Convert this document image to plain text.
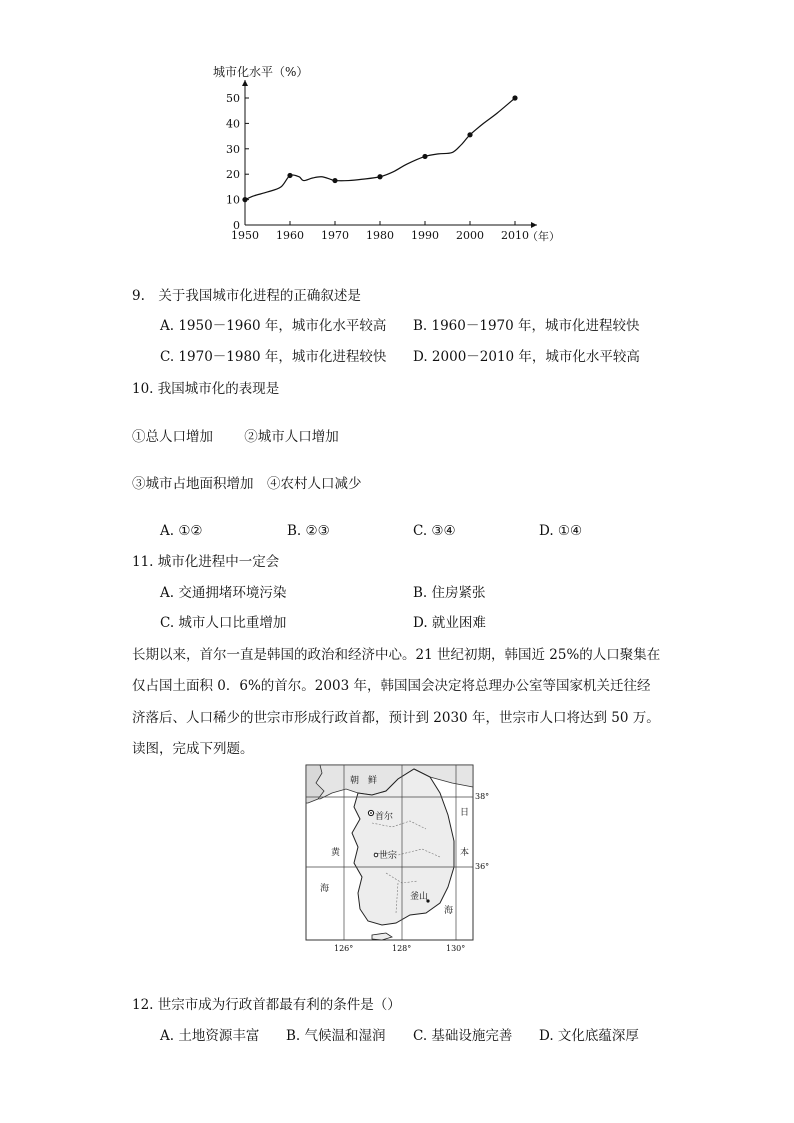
城市化水平（%）
1950 1960 1970 1980 1990 2000 2010
0
10
20
30
40
50
（年）
9.　关于我国城市化进程的正确叙述是
A. 1950－1960 年，城市化水平较高 B. 1960－1970 年，城市化进程较快
C. 1970－1980 年，城市化进程较快 D. 2000－2010 年，城市化水平较高
10. 我国城市化的表现是
①总人口增加　　 ②城市人口增加
③城市占地面积增加　④农村人口减少
A. ①②	B. ②③	C. ③④	D. ①④
11. 城市化进程中一定会
A. 交通拥堵环境污染	B. 住房紧张
C. 城市人口比重增加	D. 就业困难
长期以来，首尔一直是韩国的政治和经济中心。21 世纪初期，韩国近 25%的人口聚集在
仅占国土面积 0．6%的首尔。2003 年，韩国国会决定将总理办公室等国家机关迁往经
济落后、人口稀少的世宗市形成行政首都，预计到 2030 年，世宗市人口将达到 50 万。
读图，完成下列题。
朝　鲜
首尔
世宗
釜山
黄
海
日
本
海
38°
36°
126°	128°	130°
12. 世宗市成为行政首都最有利的条件是（）
A. 土地资源丰富 B. 气候温和湿润 C. 基础设施完善 D. 文化底蕴深厚
